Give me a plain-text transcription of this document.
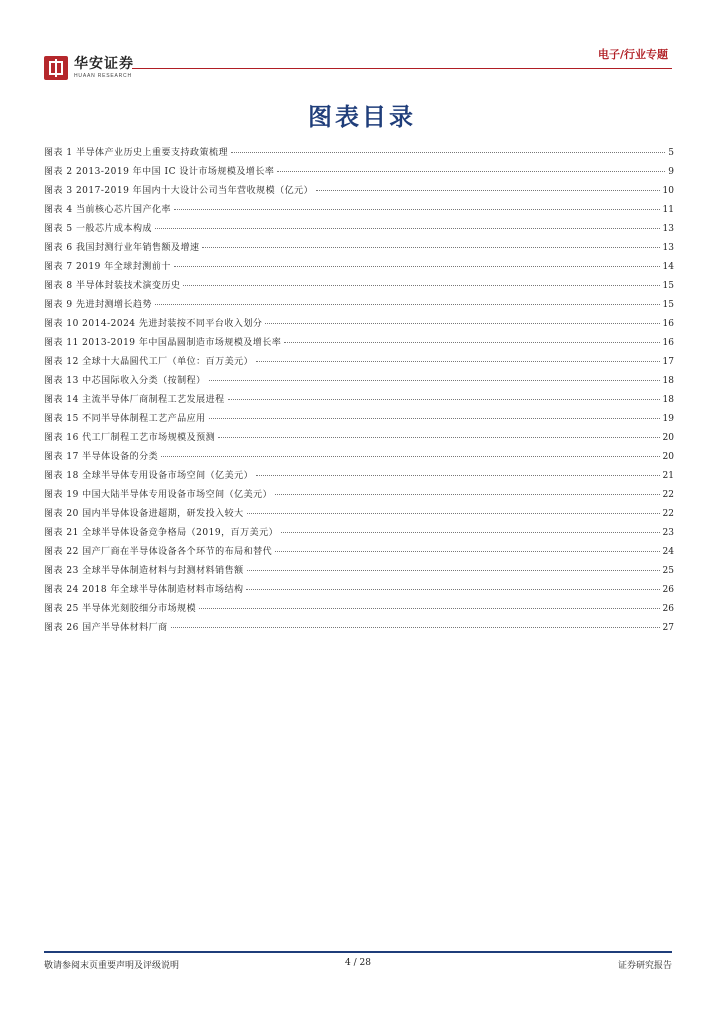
华安证券
HUAAN RESEARCH
电子/行业专题
图表目录
图表 1 半导体产业历史上重要支持政策梳理	5
图表 2 2013-2019 年中国 IC 设计市场规模及增长率	9
图表 3 2017-2019 年国内十大设计公司当年营收规模（亿元）	10
图表 4 当前核心芯片国产化率	11
图表 5 一般芯片成本构成	13
图表 6 我国封测行业年销售额及增速	13
图表 7 2019 年全球封测前十	14
图表 8 半导体封装技术演变历史	15
图表 9 先进封测增长趋势	15
图表 10 2014-2024 先进封装按不同平台收入划分	16
图表 11 2013-2019 年中国晶圆制造市场规模及增长率	16
图表 12 全球十大晶圆代工厂（单位：百万美元）	17
图表 13 中芯国际收入分类（按制程）	18
图表 14 主流半导体厂商制程工艺发展进程	18
图表 15 不同半导体制程工艺产品应用	19
图表 16 代工厂制程工艺市场规模及预测	20
图表 17 半导体设备的分类	20
图表 18 全球半导体专用设备市场空间（亿美元）	21
图表 19 中国大陆半导体专用设备市场空间（亿美元）	22
图表 20 国内半导体设备进超期，研发投入较大	22
图表 21 全球半导体设备竞争格局（2019，百万美元）	23
图表 22 国产厂商在半导体设备各个环节的布局和替代	24
图表 23 全球半导体制造材料与封测材料销售额	25
图表 24 2018 年全球半导体制造材料市场结构	26
图表 25 半导体光刻胶细分市场规模	26
图表 26 国产半导体材料厂商	27
敬请参阅末页重要声明及评级说明	4 / 28	证券研究报告
